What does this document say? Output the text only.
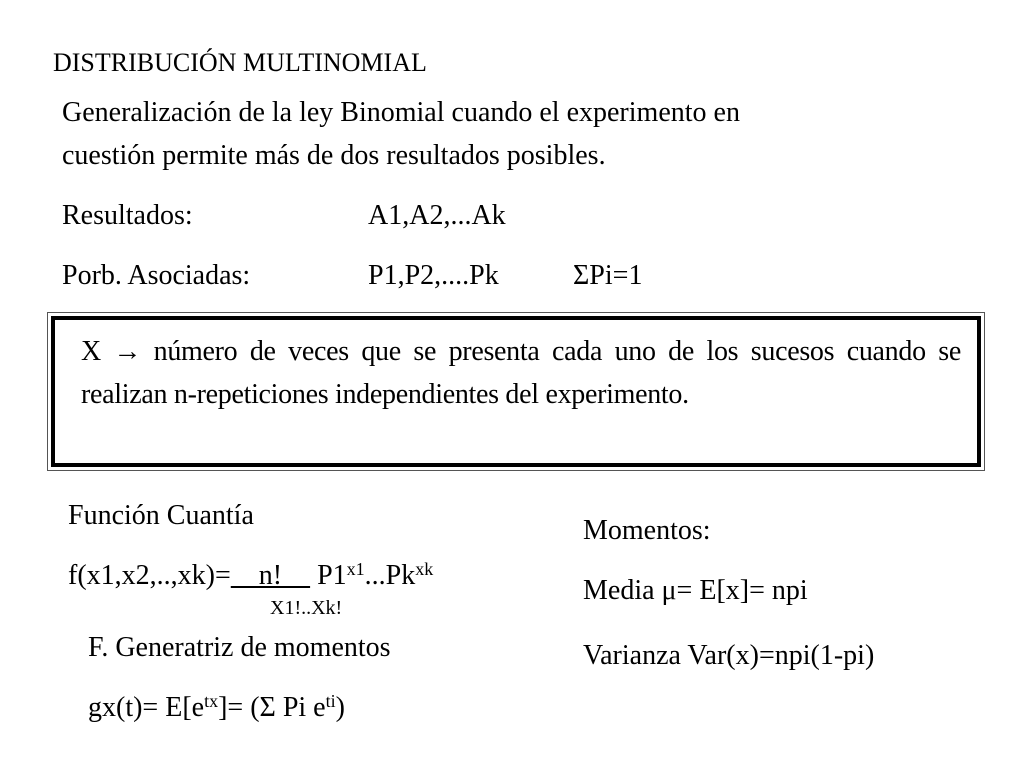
DISTRIBUCIÓN MULTINOMIAL
Generalización de la ley Binomial cuando el experimento en
cuestión permite más de dos resultados posibles.
Resultados:	A1,A2,...Ak
Porb. Asociadas:	P1,P2,....Pk	ΣPi=1
X → número de veces que se presenta cada uno de los sucesos cuando se realizan n-repeticiones independientes del experimento.
Función Cuantía
f(x1,x2,..,xk)=    n!     $P1^{x1}...Pk^{xk}$
X1!..Xk!
F. Generatriz de momentos
$gx(t)= E[e^{tx}]= (\Sigma$ Pi $e^{ti}$)
Momentos:
Media μ= E[x]= npi
Varianza Var(x)=npi(1-pi)
